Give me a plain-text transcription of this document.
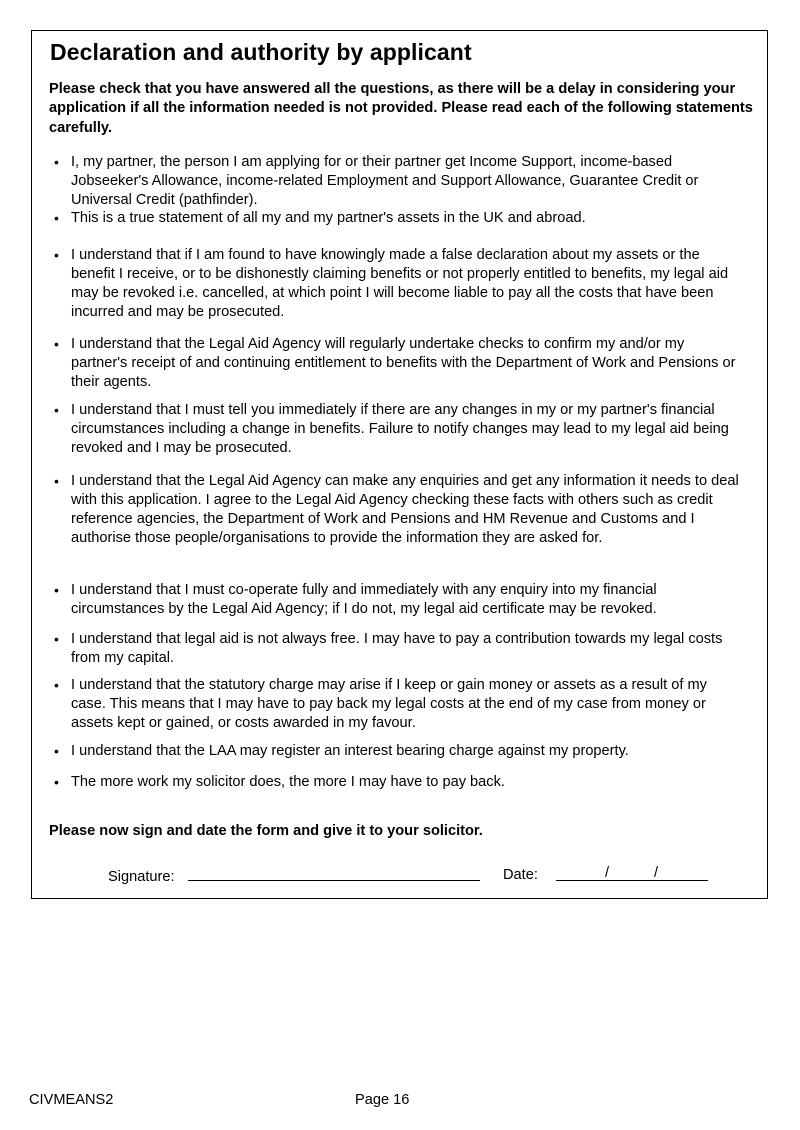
Declaration and authority by applicant

Please check that you have answered all the questions, as there will be a delay in considering your application if all the information needed is not provided. Please read each of the following statements carefully.

• I, my partner, the person I am applying for or their partner get Income Support, income-based Jobseeker's Allowance, income-related Employment and Support Allowance, Guarantee Credit or Universal Credit (pathfinder).
• This is a true statement of all my and my partner's assets in the UK and abroad.
• I understand that if I am found to have knowingly made a false declaration about my assets or the benefit I receive, or to be dishonestly claiming benefits or not properly entitled to benefits, my legal aid may be revoked i.e. cancelled, at which point I will become liable to pay all the costs that have been incurred and may be prosecuted.
• I understand that the Legal Aid Agency will regularly undertake checks to confirm my and/or my partner's receipt of and continuing entitlement to benefits with the Department of Work and Pensions or their agents.
• I understand that I must tell you immediately if there are any changes in my or my partner's financial circumstances including a change in benefits. Failure to notify changes may lead to my legal aid being revoked and I may be prosecuted.
• I understand that the Legal Aid Agency can make any enquiries and get any information it needs to deal with this application. I agree to the Legal Aid Agency checking these facts with others such as credit reference agencies, the Department of Work and Pensions and HM Revenue and Customs and I authorise those people/organisations to provide the information they are asked for.
• I understand that I must co-operate fully and immediately with any enquiry into my financial circumstances by the Legal Aid Agency; if I do not, my legal aid certificate may be revoked.
• I understand that legal aid is not always free. I may have to pay a contribution towards my legal costs from my capital.
• I understand that the statutory charge may arise if I keep or gain money or assets as a result of my case. This means that I may have to pay back my legal costs at the end of my case from money or assets kept or gained, or costs awarded in my favour.
• I understand that the LAA may register an interest bearing charge against my property.
• The more work my solicitor does, the more I may have to pay back.

Please now sign and date the form and give it to your solicitor.

Signature:	Date:	/	/
CIVMEANS2	Page 16
